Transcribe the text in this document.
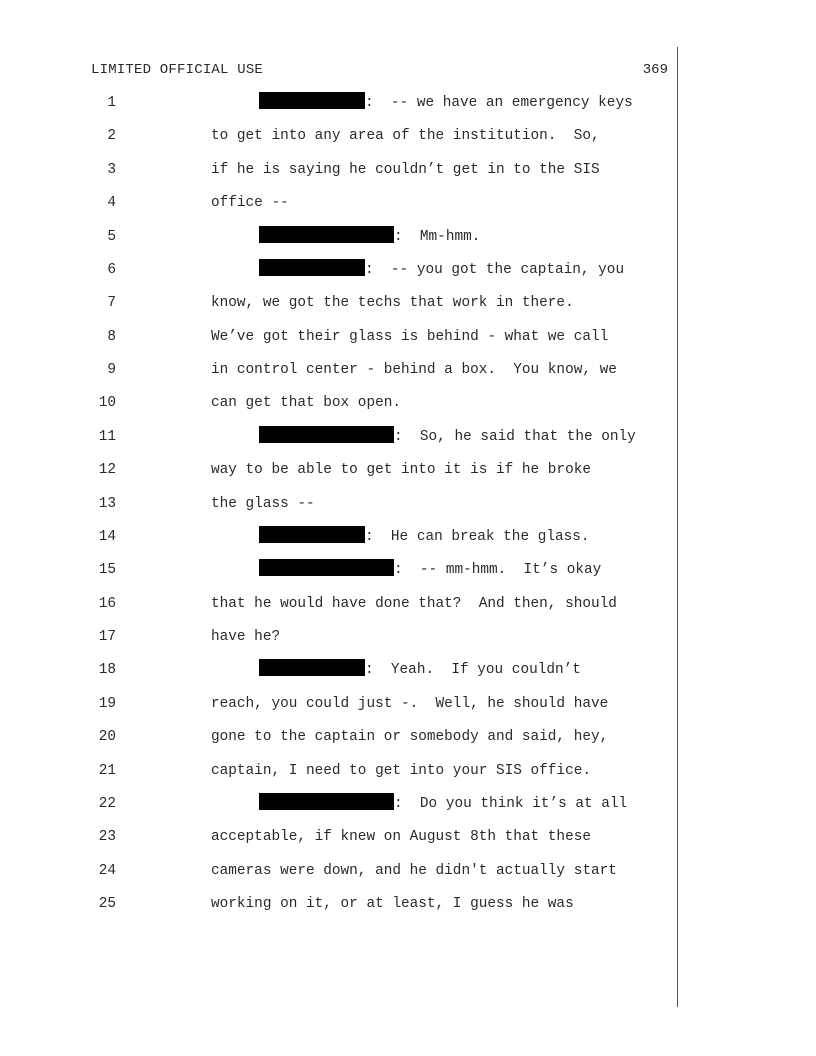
LIMITED OFFICIAL USE	369
1	:  -- we have an emergency keys
2	to get into any area of the institution.  So,
3	if he is saying he couldn’t get in to the SIS
4	office --
5	:  Mm-hmm.
6	:  -- you got the captain, you
7	know, we got the techs that work in there.
8	We’ve got their glass is behind - what we call
9	in control center - behind a box.  You know, we
10	can get that box open.
11	:  So, he said that the only
12	way to be able to get into it is if he broke
13	the glass --
14	:  He can break the glass.
15	:  -- mm-hmm.  It’s okay
16	that he would have done that?  And then, should
17	have he?
18	:  Yeah.  If you couldn’t
19	reach, you could just -.  Well, he should have
20	gone to the captain or somebody and said, hey,
21	captain, I need to get into your SIS office.
22	:  Do you think it’s at all
23	acceptable, if knew on August 8th that these
24	cameras were down, and he didn't actually start
25	working on it, or at least, I guess he was
